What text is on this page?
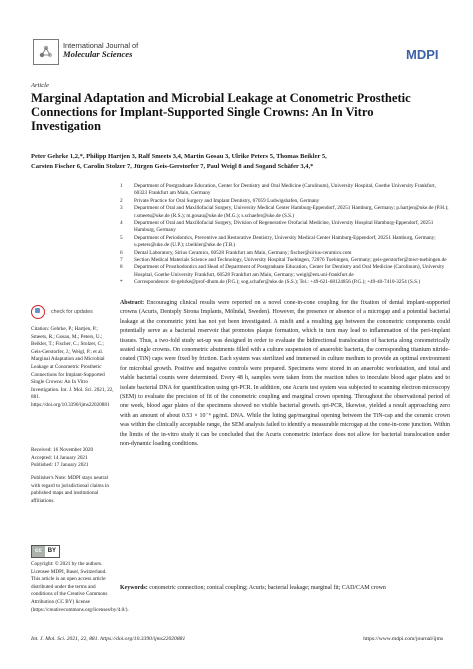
International Journal of
Molecular Sciences	MDPI
Article
Marginal Adaptation and Microbial Leakage at Conometric Prosthetic Connections for Implant-Supported Single Crowns: An In Vitro Investigation
Peter Gehrke 1,2,*, Philipp Hartjen 3, Ralf Smeets 3,4, Martin Gosau 3, Ulrike Peters 5, Thomas Beikler 5,
Carsten Fischer 6, Carolin Stolzer 7, Jürgen Geis-Gerstorfer 7, Paul Weigl 8 and Sogand Schäfer 3,4,*
1	Department of Postgraduate Education, Center for Dentistry and Oral Medicine (Carolinum), University Hospital, Goethe University Frankfurt, 60323 Frankfurt am Main, Germany
2	Private Practice for Oral Surgery and Implant Dentistry, 67059 Ludwigshafen, Germany
3	Department of Oral and Maxillofacial Surgery, University Medical Center Hamburg-Eppendorf, 20251 Hamburg, Germany; p.hartjen@uke.de (P.H.); r.smeets@uke.de (R.S.); m.gosau@uke.de (M.G.); s.schaefer@uke.de (S.S.)
4	Department of Oral and Maxillofacial Surgery, Division of Regenerative Orofacial Medicine, University Hospital Hamburg-Eppendorf, 20251 Hamburg, Germany
5	Department of Periodontics, Preventive and Restorative Dentistry, University Medical Center Hamburg-Eppendorf, 20251 Hamburg, Germany; u.peters@uke.de (U.P.); t.beikler@uke.de (T.B.)
6	Dental Laboratory, Sirius Ceramics, 60528 Frankfurt am Main, Germany; fischer@sirius-ceramics.com
7	Section Medical Materials Science and Technology, University Hospital Tuebingen, 72076 Tuebingen, Germany; geis-gerstorfer@mwt-tuebingen.de
8	Department of Prosthodontics and Head of Department of Postgraduate Education, Center for Dentistry and Oral Medicine (Carolinum), University Hospital, Goethe University Frankfurt, 60528 Frankfurt am Main, Germany; weigl@em.uni-frankfurt.de
*	Correspondence: dr-gehrke@prof-dhom.de (P.G.); sog.schafer@uke.de (S.S.); Tel.: +49-621-68124856 (P.G.); +49-40-7410-3254 (S.S.)
check for updates
Citation: Gehrke, P.; Hartjen, P.; Smeets, R.; Gosau, M.; Peters, U.; Beikler, T.; Fischer, C.; Stolzer, C.; Geis-Gerstorfer, J.; Weigl, P.; et al. Marginal Adaptation and Microbial Leakage at Conometric Prosthetic Connections for Implant-Supported Single Crowns: An In Vitro Investigation. Int. J. Mol. Sci. 2021, 22, 881. https://doi.org/10.3390/ijms22020881
Received: 16 November 2020
Accepted: 14 January 2021
Published: 17 January 2021
Publisher's Note: MDPI stays neutral with regard to jurisdictional claims in published maps and institutional affiliations.
cc	BY
Copyright: © 2021 by the authors. Licensee MDPI, Basel, Switzerland. This article is an open access article distributed under the terms and conditions of the Creative Commons Attribution (CC BY) license (https://creativecommons.org/licenses/by/4.0/).
Abstract: Encouraging clinical results were reported on a novel cone-in-cone coupling for the fixation of dental implant-supported crowns (Acuris, Dentsply Sirona Implants, Mölndal, Sweden). However, the presence or absence of a microgap and a potential bacterial leakage at the conometric joint has not yet been investigated. A misfit and a resulting gap between the conometric components could potentially serve as a bacterial reservoir that promotes plaque formation, which in turn may lead to inflammation of the peri-implant tissues. Thus, a two-fold study set-up was designed in order to evaluate the bidirectional translocation of bacteria along conometrically seated single crowns. On conometric abutments filled with a culture suspension of anaerobic bacteria, the corresponding titanium nitride-coated (TiN) caps were fixed by friction. Each system was sterilized and immersed in culture medium to provide an optimal environment for microbial growth. Positive and negative controls were prepared. Specimens were stored in an anaerobic workstation, and total and viable bacterial counts were determined. Every 48 h, samples were taken from the reaction tubes to inoculate blood agar plates and to isolate bacterial DNA for quantification using qrt-PCR. In addition, one Acuris test system was subjected to scanning electron microscopy (SEM) to evaluate the precision of fit of the conometric coupling and marginal crown opening. Throughout the observational period of one week, blood agar plates of the specimens showed no visible bacterial growth. qrt-PCR, likewise, yielded a result approaching zero with an amount of about 0.53 × 10⁻⁴ μg/mL DNA. While the luting gap/marginal opening between the TiN-cap and the ceramic crown was within the clinically acceptable range, the SEM analysis failed to identify a measurable microgap at the cone-in-cone junction. Within the limits of the in-vitro study it can be concluded that the Acuris conometric interface does not allow for bacterial translocation under non-dynamic loading conditions.
Keywords: conometric connection; conical coupling; Acuris; bacterial leakage; marginal fit; CAD/CAM crown
Int. J. Mol. Sci. 2021, 22, 881. https://doi.org/10.3390/ijms22020881	https://www.mdpi.com/journal/ijms
